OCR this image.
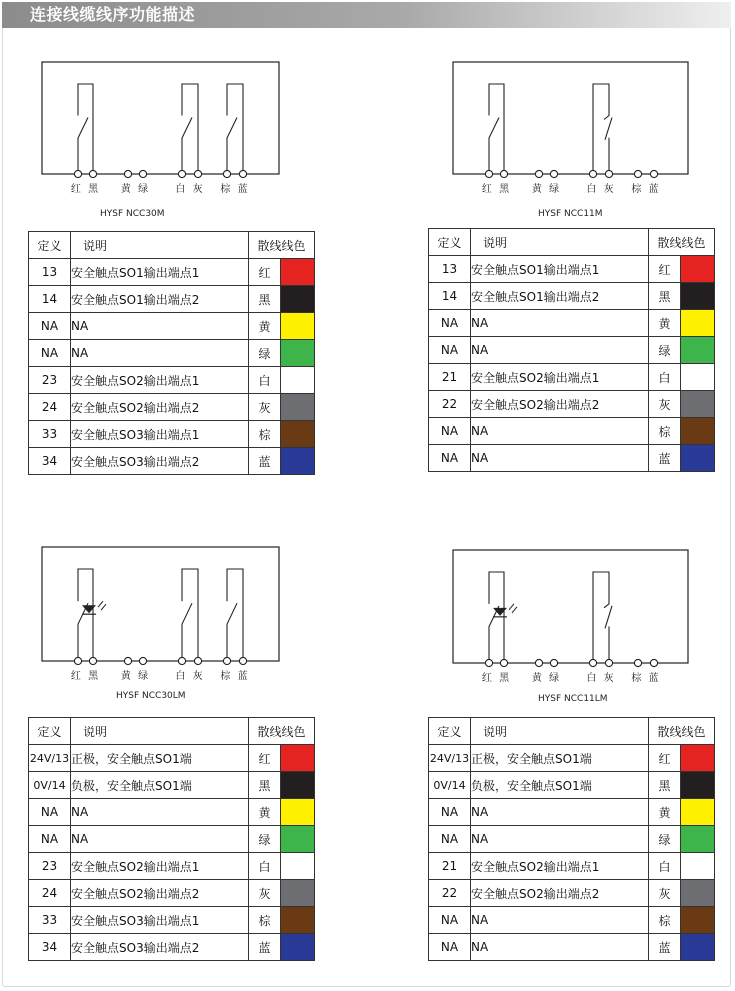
连接线缆线序功能描述
红 黑 黄 绿	白 灰 棕 蓝
HYSF NCC30M
定义	说明	散线线色	
13	安全触点SO1输出端点1	红	

14	安全触点SO1输出端点2	黑	

NA	NA	黄	

NA	NA	绿	

23	安全触点SO2输出端点1	白	

24	安全触点SO2输出端点2	灰	

33	安全触点SO3输出端点1	棕	

34	安全触点SO3输出端点2	蓝	
红 黑 黄 绿	白 灰 棕 蓝
HYSF NCC11M
定义	说明	散线线色	
13	安全触点SO1输出端点1	红	

14	安全触点SO1输出端点2	黑	

NA	NA	黄	

NA	NA	绿	

21	安全触点SO2输出端点1	白	

22	安全触点SO2输出端点2	灰	

NA	NA	棕	

NA	NA	蓝	
红 黑 黄 绿	白 灰 棕 蓝
HYSF NCC30LM
定义	说明	散线线色	
24V/13	正极，安全触点SO1端	红	

0V/14	负极，安全触点SO1端	黑	

NA	NA	黄	

NA	NA	绿	

23	安全触点SO2输出端点1	白	

24	安全触点SO2输出端点2	灰	

33	安全触点SO3输出端点1	棕	

34	安全触点SO3输出端点2	蓝	
红 黑 黄 绿	白 灰 棕 蓝
HYSF NCC11LM
定义	说明	散线线色	
24V/13	正极，安全触点SO1端	红	

0V/14	负极，安全触点SO1端	黑	

NA	NA	黄	

NA	NA	绿	

21	安全触点SO2输出端点1	白	

22	安全触点SO2输出端点2	灰	

NA	NA	棕	

NA	NA	蓝	
